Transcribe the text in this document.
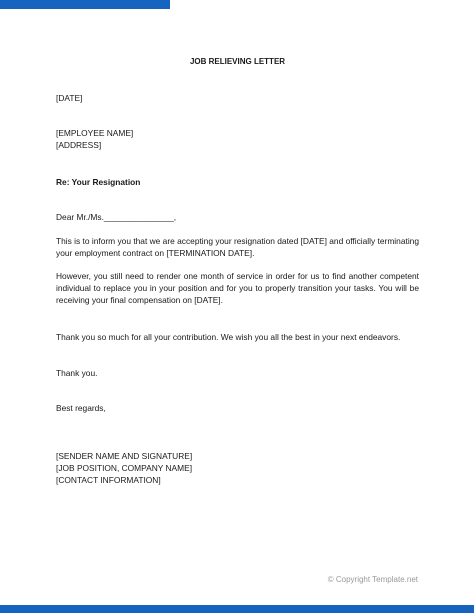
JOB RELIEVING LETTER
[DATE]
[EMPLOYEE NAME]
[ADDRESS]
Re: Your Resignation
Dear Mr./Ms._______________,
This is to inform you that we are accepting your resignation dated [DATE] and officially terminating your employment contract on [TERMINATION DATE].
However, you still need to render one month of service in order for us to find another competent individual to replace you in your position and for you to properly transition your tasks. You will be receiving your final compensation on [DATE].
Thank you so much for all your contribution. We wish you all the best in your next endeavors.
Thank you.
Best regards,
[SENDER NAME AND SIGNATURE]
[JOB POSITION, COMPANY NAME]
[CONTACT INFORMATION]
© Copyright Template.net
